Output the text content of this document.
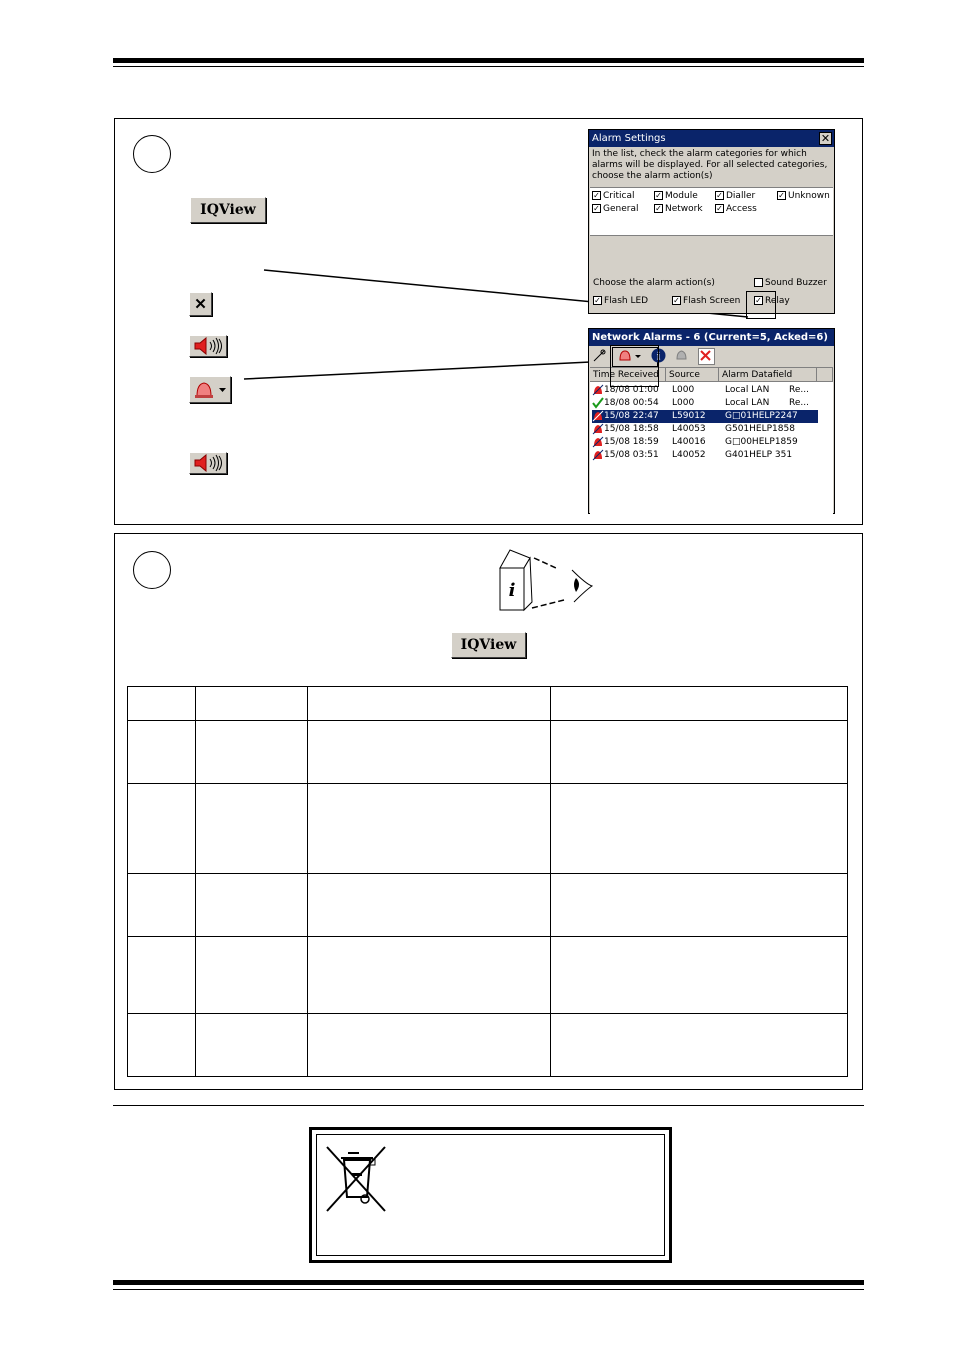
IQView
✕
Alarm Settings	✕
In the list, check the alarm categories for which alarms will be displayed. For all selected categories, choose the alarm action(s)
✓ Critical	✓ Module ✓ Dialler	✓ Unknown
✓ General ✓ Network ✓ Access
Choose the alarm action(s)	Sound Buzzer
✓ Flash LED	✓ Flash Screen ✓ Relay
Network Alarms - 6 (Current=5, Acked=6)
i
Time Received	Source	Alarm Datafield
18/08 01:00 L000	Local LAN Re...
18/08 00:54 L000	Local LAN Re...
15/08 22:47 L59012 G□01HELP2247
15/08 18:58 L40053 G501HELP1858
15/08 18:59 L40016 G□00HELP1859
15/08 03:51 L40052 G401HELP 351
i
IQView
